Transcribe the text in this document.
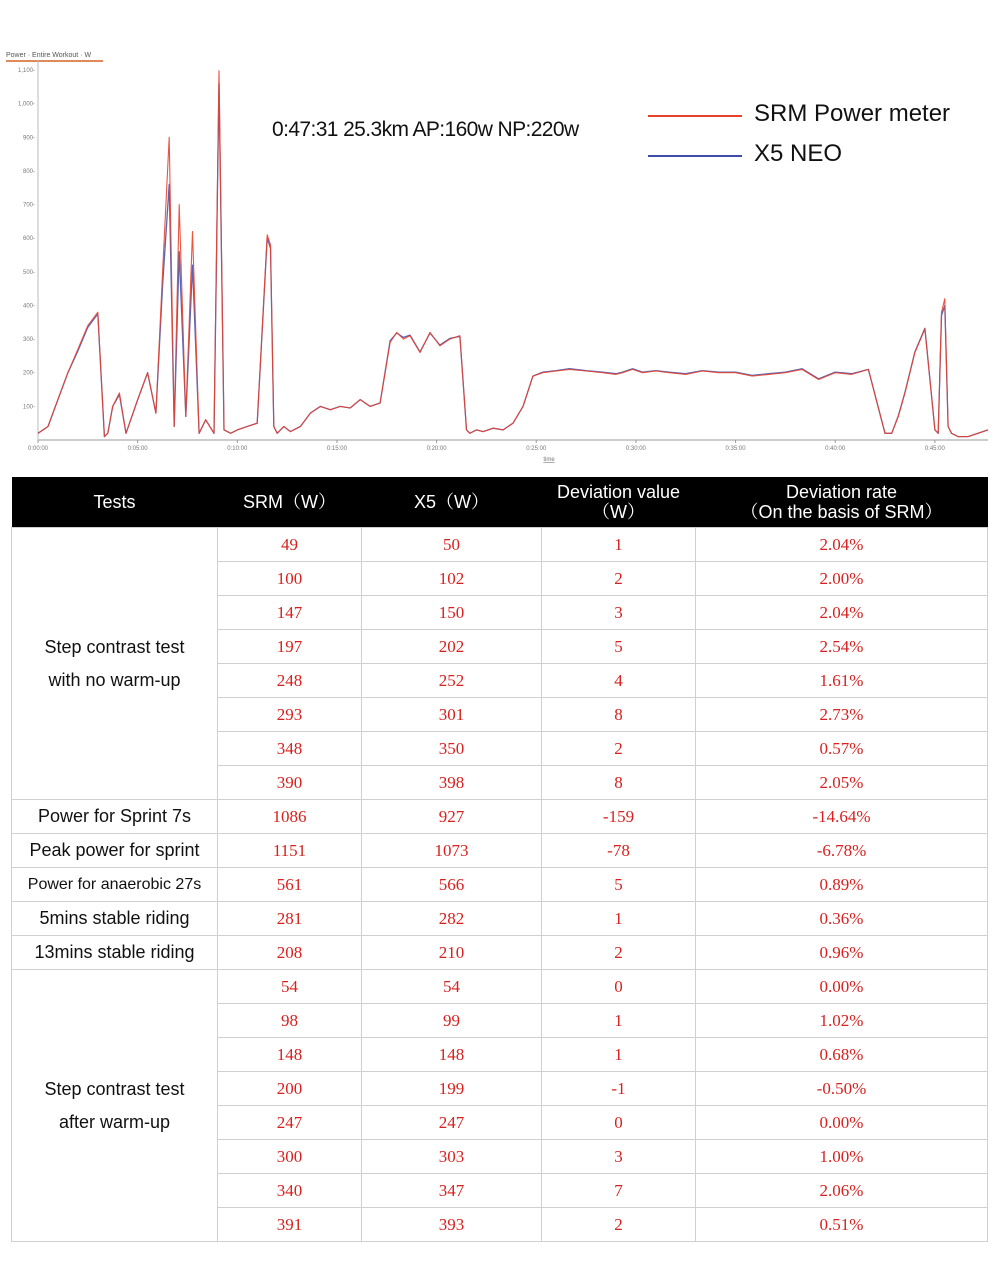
Power · Entire Workout · W
100-
200-
300-
400-
500-
600-
700-
800-
900-
1,000-
1,100-
0:00:00	0:05:00	0:10:00	0:15:00	0:20:00	0:25:00	0:30:00	0:35:00	0:40:00	0:45:00
time
0:47:31 25.3km AP:160w NP:220w
SRM Power meter
X5 NEO
Tests	SRM（W）	X5（W）	Deviation value（W）	Deviation rate
（On the basis of SRM）

Step contrast test
with no warm-up	49	50	1	2.04%
	100	102	2	2.00%
	147	150	3	2.04%
	197	202	5	2.54%
	248	252	4	1.61%
	293	301	8	2.73%
	348	350	2	0.57%
	390	398	8	2.05%
Power for Sprint 7s	1086	927	-159	-14.64%
Peak power for sprint	1151	1073	-78	-6.78%
Power for anaerobic 27s	561	566	5	0.89%
5mins stable riding	281	282	1	0.36%
13mins stable riding	208	210	2	0.96%

Step contrast test
after warm-up	54	54	0	0.00%
	98	99	1	1.02%
	148	148	1	0.68%
	200	199	-1	-0.50%
	247	247	0	0.00%
	300	303	3	1.00%
	340	347	7	2.06%
	391	393	2	0.51%
